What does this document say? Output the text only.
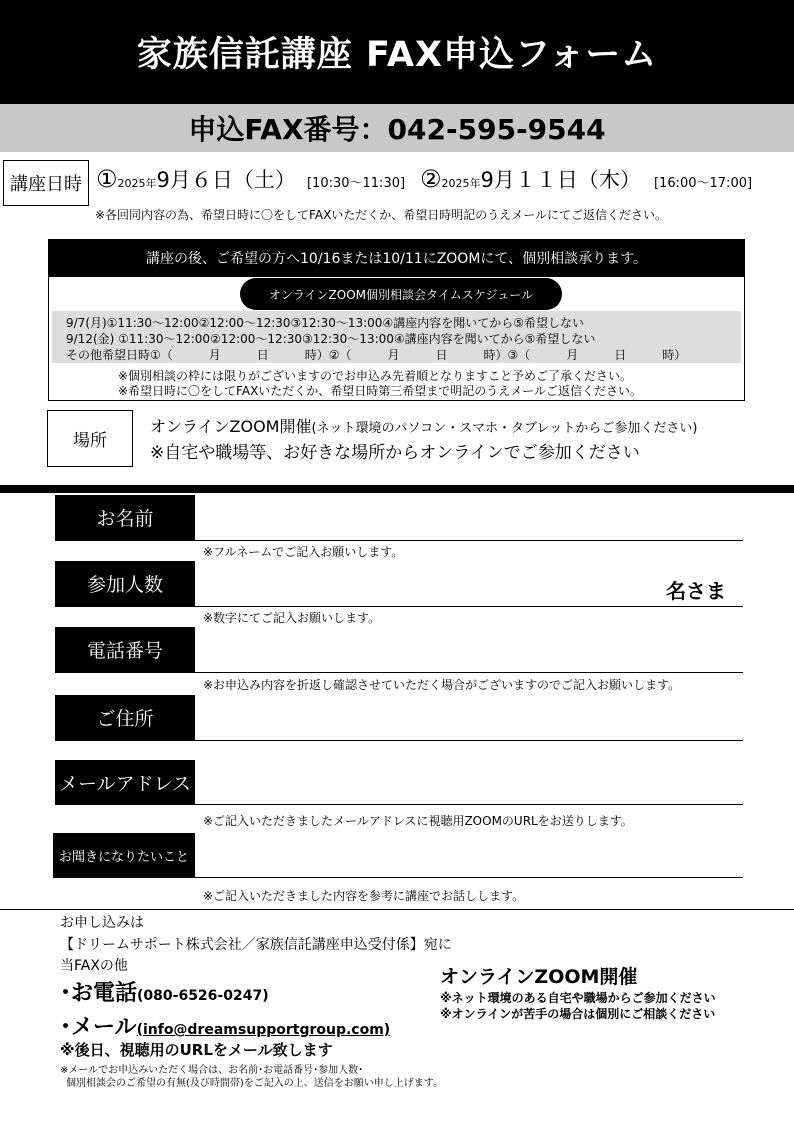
家族信託講座 FAX申込フォーム
申込FAX番号：042-595-9544
講座日時 ①2025年9月６日（土） [10:30〜11:30] ②2025年9月１１日（木） [16:00〜17:00]
※各回同内容の為、希望日時に〇をしてFAXいただくか、希望日時明記のうえメールにてご返信ください。
講座の後、ご希望の方へ10/16または10/11にZOOMにて、個別相談承ります。
オンラインZOOM個別相談会タイムスケジュール
9/7(月)①11:30〜12:00②12:00〜12:30③12:30〜13:00④講座内容を聞いてから⑤希望しない
9/12(金) ①11:30〜12:00②12:00〜12:30③12:30〜13:00④講座内容を聞いてから⑤希望しない
その他希望日時①（　　　月　　　日　　　時）②（　　　月　　　日　　　時）③（　　　月　　　日　　　時）
※個別相談の枠には限りがございますのでお申込み先着順となりますこと予めご了承ください。
※希望日時に〇をしてFAXいただくか、希望日時第三希望まで明記のうえメールご返信ください。
場所
オンラインZOOM開催(ネット環境のパソコン・スマホ・タブレットからご参加ください)
※自宅や職場等、お好きな場所からオンラインでご参加ください
お名前
※フルネームでご記入お願いします。
参加人数	名さま
※数字にてご記入お願いします。
電話番号
※お申込み内容を折返し確認させていただく場合がございますのでご記入お願いします。
ご住所
メールアドレス
※ご記入いただきましたメールアドレスに視聴用ZOOMのURLをお送りします。
お聞きになりたいこと
※ご記入いただきました内容を参考に講座でお話しします。
お申し込みは
【ドリームサポート株式会社／家族信託講座申込受付係】宛に
当FAXの他
･お電話(080-6526-0247)
･メール(info@dreamsupportgroup.com)
※後日、視聴用のURLをメール致します
※メールでお申込みいただく場合は、お名前･お電話番号･参加人数･
個別相談会のご希望の有無(及び時間帯)をご記入の上、送信をお願い申し上げます。
オンラインZOOM開催
※ネット環境のある自宅や職場からご参加ください
※オンラインが苦手の場合は個別にご相談ください
